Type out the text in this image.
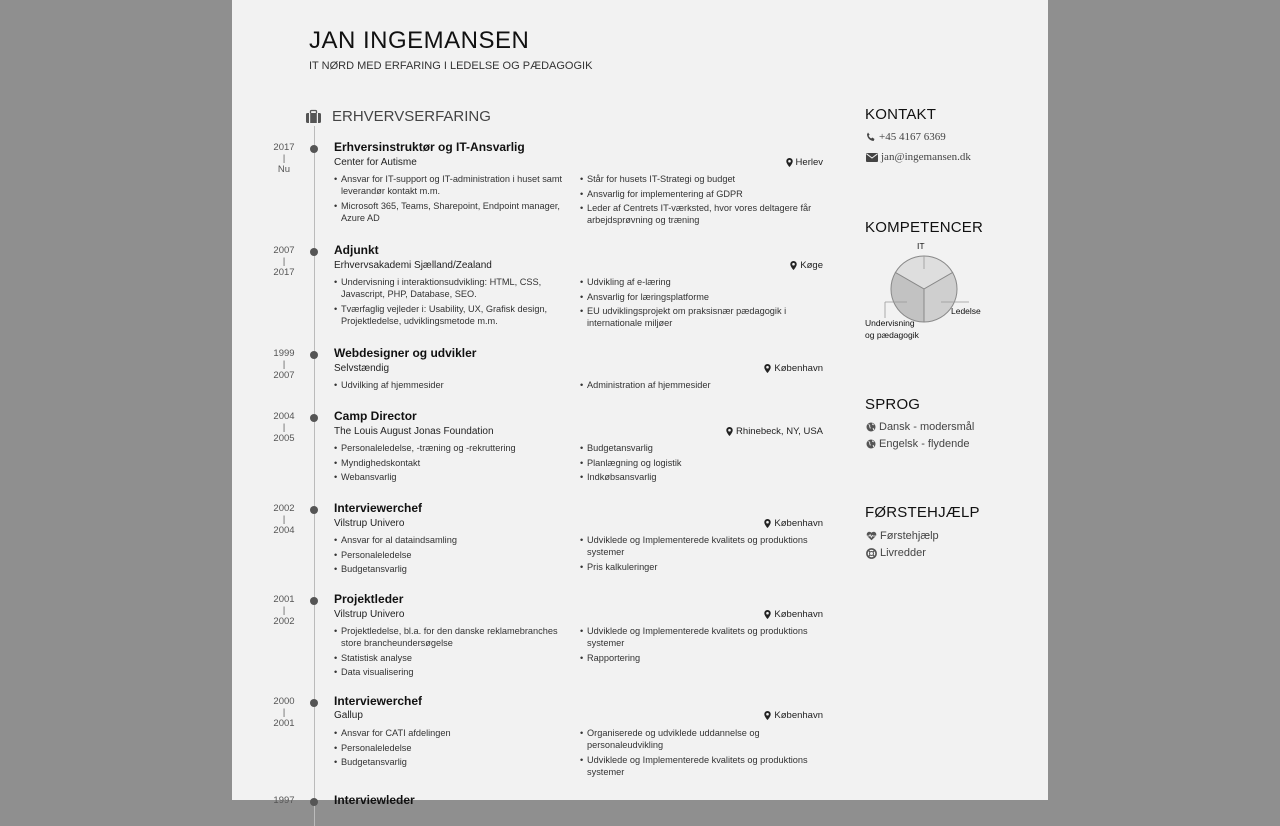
JAN INGEMANSEN
IT NØRD MED ERFARING I LEDELSE OG PÆDAGOGIK
ERHVERVSERFARING
2017
|
Nu
Erhversinstruktør og IT-Ansvarlig
Center for Autisme	Herlev
• Ansvar for IT-support og IT-administration i huset samt leverandør kontakt m.m.
• Microsoft 365, Teams, Sharepoint, Endpoint manager, Azure AD
• Står for husets IT-Strategi og budget
• Ansvarlig for implementering af GDPR
• Leder af Centrets IT-værksted, hvor vores deltagere får arbejdsprøvning og træning
2007
|
2017
Adjunkt
Erhvervsakademi Sjælland/Zealand	Køge
• Undervisning i interaktionsudvikling: HTML, CSS, Javascript, PHP, Database, SEO.
• Tværfaglig vejleder i: Usability, UX, Grafisk design, Projektledelse, udviklingsmetode m.m.
• Udvikling af e-læring
• Ansvarlig for læringsplatforme
• EU udviklingsprojekt om praksisnær pædagogik i internationale miljøer
1999
|
2007
Webdesigner og udvikler
Selvstændig	København
• Udvilking af hjemmesider
•	Administration af hjemmesider
2004
|
2005
Camp Director
The Louis August Jonas Foundation	Rhinebeck, NY, USA
• Personaleledelse, -træning og -rekruttering
• Myndighedskontakt
• Webansvarlig
• Budgetansvarlig
• Planlægning og logistik
• Indkøbsansvarlig
2002
|
2004
Interviewerchef
Vilstrup Univero	København
• Ansvar for al dataindsamling
• Personaleledelse
• Budgetansvarlig
• Udviklede og Implementerede kvalitets og produktions systemer
• Pris kalkuleringer
2001
|
2002
Projektleder
Vilstrup Univero	København
• Projektledelse, bl.a. for den danske reklamebranches store brancheundersøgelse
• Statistisk analyse
• Data visualisering
• Udviklede og Implementerede kvalitets og produktions systemer
• Rapportering
2000
|
2001
Interviewerchef
Gallup	København
• Ansvar for CATI afdelingen
• Personaleledelse
• Budgetansvarlig
• Organiserede og udviklede uddannelse og personaleudvikling
• Udviklede og Implementerede kvalitets og produktions systemer
1997	Interviewleder
KONTAKT
+45 4167 6369
jan@ingemansen.dk
KOMPETENCER
IT
Ledelse
Undervisning
og pædagogik
SPROG
Dansk - modersmål
Engelsk - flydende
FØRSTEHJÆLP
Førstehjælp
Livredder
